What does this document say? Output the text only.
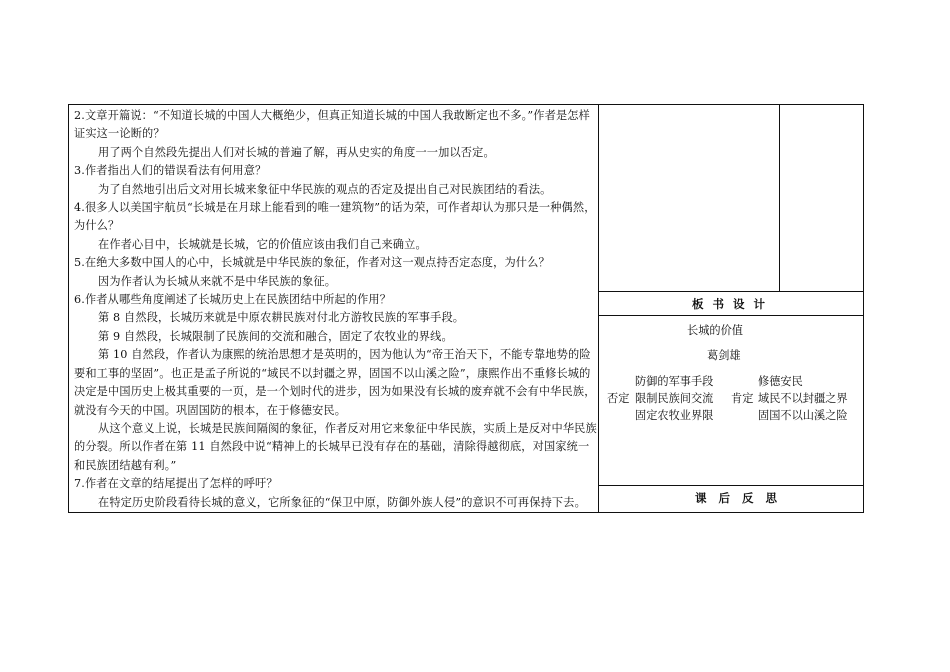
2.文章开篇说：“不知道长城的中国人大概绝少，但真正知道长城的中国人我敢断定也不多。”作者是怎样证实这一论断的？

用了两个自然段先提出人们对长城的普遍了解，再从史实的角度一一加以否定。

3.作者指出人们的错误看法有何用意？

为了自然地引出后文对用长城来象征中华民族的观点的否定及提出自己对民族团结的看法。

4.很多人以美国宇航员“长城是在月球上能看到的唯一建筑物”的话为荣，可作者却认为那只是一种偶然，为什么？

在作者心目中，长城就是长城，它的价值应该由我们自己来确立。

5.在绝大多数中国人的心中，长城就是中华民族的象征，作者对这一观点持否定态度，为什么？

因为作者认为长城从来就不是中华民族的象征。

6.作者从哪些角度阐述了长城历史上在民族团结中所起的作用？

第 8 自然段，长城历来就是中原农耕民族对付北方游牧民族的军事手段。

第 9 自然段，长城限制了民族间的交流和融合，固定了农牧业的界线。

第 10 自然段，作者认为康熙的统治思想才是英明的，因为他认为“帝王治天下，不能专靠地势的险要和工事的坚固”。也正是孟子所说的“域民不以封疆之界，固国不以山溪之险”，康熙作出不重修长城的决定是中国历史上极其重要的一页，是一个划时代的进步，因为如果没有长城的废弃就不会有中华民族，就没有今天的中国。巩固国防的根本，在于修德安民。

从这个意义上说，长城是民族间隔阂的象征，作者反对用它来象征中华民族，实质上是反对中华民族的分裂。所以作者在第 11 自然段中说“精神上的长城早已没有存在的基础，清除得越彻底，对国家统一和民族团结越有利。”

7.作者在文章的结尾提出了怎样的呼吁？

在特定历史阶段看待长城的意义，它所象征的“保卫中原，防御外族人侵”的意识不可再保持下去。

板书设计
长城的价值
葛剑雄
防御的军事手段	修德安民
否定 限制民族间交流 肯定 域民不以封疆之界
固定农牧业界限	固国不以山溪之险
课后反思
